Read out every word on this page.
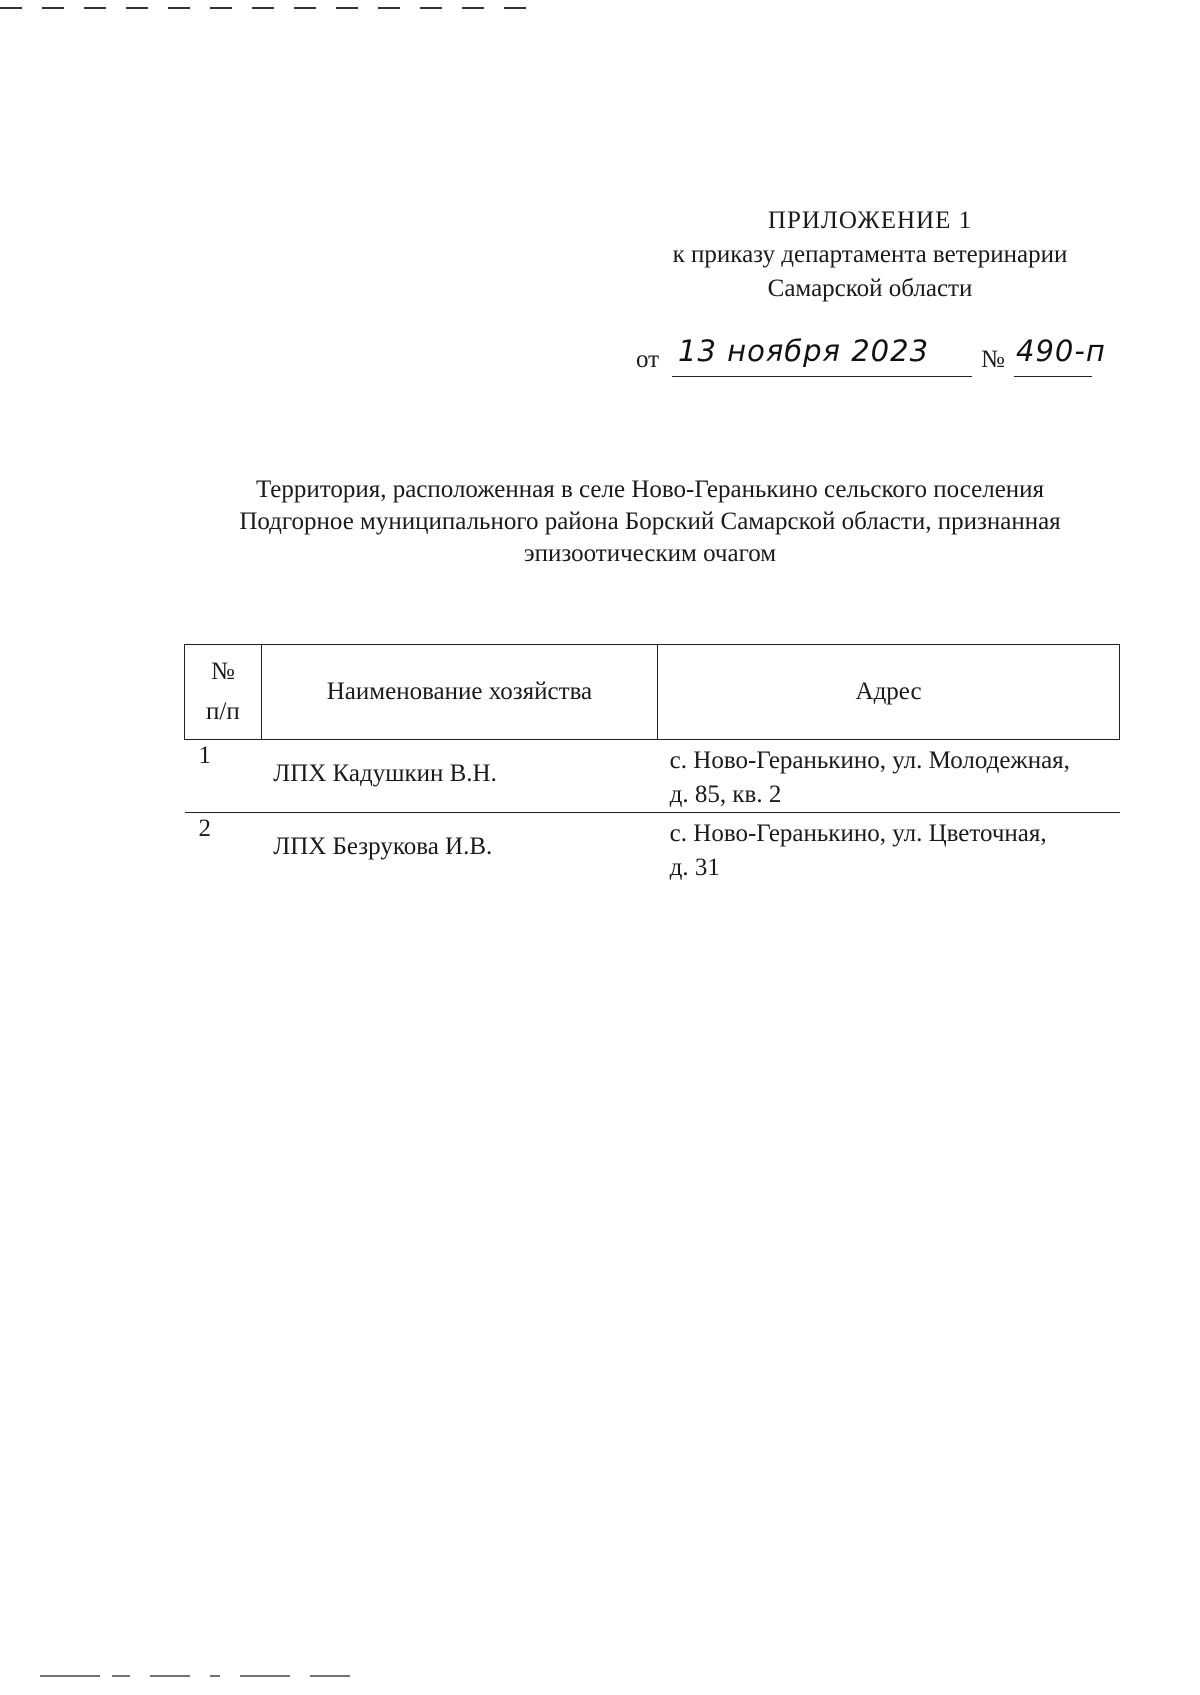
ПРИЛОЖЕНИЕ 1
к приказу департамента ветеринарии
Самарской области
от 13 ноября 2023 № 490-п
Территория, расположенная в селе Ново-Геранькино сельского поселения
Подгорное муниципального района Борский Самарской области, признанная
эпизоотическим очагом
№
п/п	Наименование хозяйства	Адрес
1	ЛПХ Кадушкин В.Н.	с. Ново-Геранькино, ул. Молодежная,
д. 85, кв. 2

2	ЛПХ Безрукова И.В.	с. Ново-Геранькино, ул. Цветочная,
д. 31
